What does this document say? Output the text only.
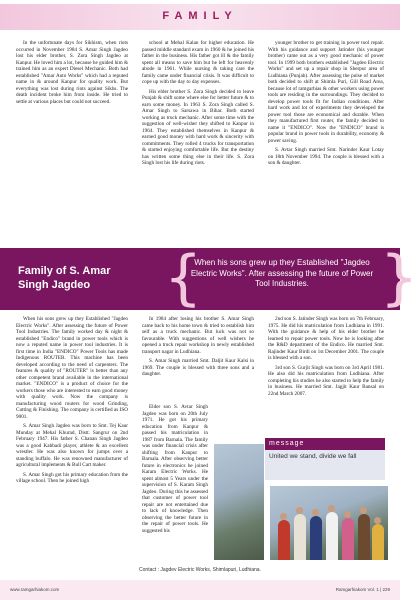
FAMILY

In the unfortunate days for Sikhism, when riots occurred in November 1984 S. Amar Singh Jagdeo lost his elder brother, S. Zora Singh Jagdeo at Kanpur. He loved him a lot, because he guided him & trained him as an expert Diesel Mechanic. Both had established "Amar Auto Works" which had a reputed name in & around Kanpur for quality work. But everything was lost during riots against Sikhs. The death incident broke him from inside. He tried to settle at various places but could not succeed.

school at Mehal Kalan for higher education. He passed middle standard exam in 1960 & he joined his father in the business. His father got ill & the family spent all means to save him but he left for heavenly abode in 1961. While nursing & taking care the family came under financial crisis. It was difficult to cope up with the day to day expenses.

His elder brother S. Zora Singh decided to leave Punjab & shift some where else for better future & to earn some money. In 1963 S. Zora Singh called S. Amar Singh to Sarsawa in Bihar. Both started working as truck mechanic. After some time with the suggestion of well-wisher they shifted to Kanpur in 1964. They established themselves in Kanpur & earned good money with hard work & sincerity with commitments. They rolled 4 trucks for transportation & started enjoying comfortable life. But the destiny has written some thing else in their life. S. Zora Singh lost his life during riots.

younger brother to get training in power tool repair. With his guidance and support Jatinder (his younger brother) came out as a very good mechanic of power tool. In 1999 both brothers established "Jagdeo Electric Works" and set up a repair shop in Sherpur area of Ludhiana (Punjab). After assessing the pulse of market both decided to shift at Shimla Puri, Gill Road Area, because lot of ramgarhias & other workers using power tools are residing in the surroundings. They decided to develop power tools fit for Indian conditions. After hard work and lot of experiments they developed the power tool those are economical and durable. When they manufactured first router, the family decided to name it "ENDICO". Now the "ENDICO" brand is popular brand in power tools in durability, economy & power saving.

S. Avtar Singh married Smt. Narinder Kaur Lotay on 18th November 1994. The couple is blessed with a son & daughter.

Family of S. Amar Singh Jagdeo	{
When his sons grew up they Established "Jagdeo Electric Works". After assessing the future of Power Tool Industries.	}

When his sons grew up they Established "Jagdeo Electric Works". After assessing the future of Power Tool Industries. The family worked day & night & established "Endico" brand in power tools which is now a reputed name in power tool industries. It is first time in India "ENDICO" Power Tools has made Indigenous ROUTER. This machine has been developed according to the need of carpenters. The features & quality of "ROUTER" is better than any other competent brand available in the international market. "ENDICO" is a product of choice for the workers those who are interested to earn good money with quality work. Now the company is manufacturing wood routers for wood Grinding, Cutting & Finishing. The company is certified as ISO 9001.

S. Amar Singh Jagdeo was born to Smt. Tej Kaur Munday at Mehal Khurad, Distt. Sangrur on 2nd February 1947. His father S. Chanan Singh Jagdeo was a good Kabbadi player, athlete & an excellent wrestler. He was also known for jumps over a standing buffalo. He was renowned manufacturer of agricultural implements & Bull Cart maker.

S. Amar Singh got his primary education from the village school. Then he joined high

In 1984 after losing his brother S. Amar Singh came back to his home town & tried to establish him self as a truck mechanic. But luck was not so favourable. With suggestions of well wishers he opened a truck repair workshop in newly established transport nagar in Ludhiana.

S. Amar Singh married Smt. Daljit Kaur Kalsi in 1969. The couple is blessed with three sons and a daughter.

Elder son S. Avtar Singh Jagdeo was born on 20th July 1971. He got his primary education from Kanpur & passed his matriculation in 1987 from Barnala. The family was under financial crisis after shifting from Kanpur to Barnala. After observing better future in electronics he joined Karam Electric Works. He spent almost 5 Years under the supervision of S. Karam Singh Jagdeo. During this he assessed that customer of power tool repair are not entertained due to lack of knowledge. Then observing the better future in the repair of power tools. He suggested his

2nd son S. Jatinder Singh was born on 7th February, 1975. He did his matriculation from Ludhiana in 1991. With the guidance & help of his elder brother he learned to repair power tools. Now he is looking after the R&D department of the Endico. He married Smt. Rajinder Kaur Birdi on 1st December 2001. The couple is blessed with a son.

3rd son S. Gurjit Singh was born on 3rd April 1981. He also did his matriculation from Ludhiana. After completing his studies he also started to help the family in business. He married Smt. Jagjit Kaur Bansal on 22nd March 2007.

message
United we stand, divide we fall
Contact : Jagdev Electric Works, Shimlapuri, Ludhiana.
www.ramgarhiakom.com	Ramgarhiakom Vol. 1 | 229
